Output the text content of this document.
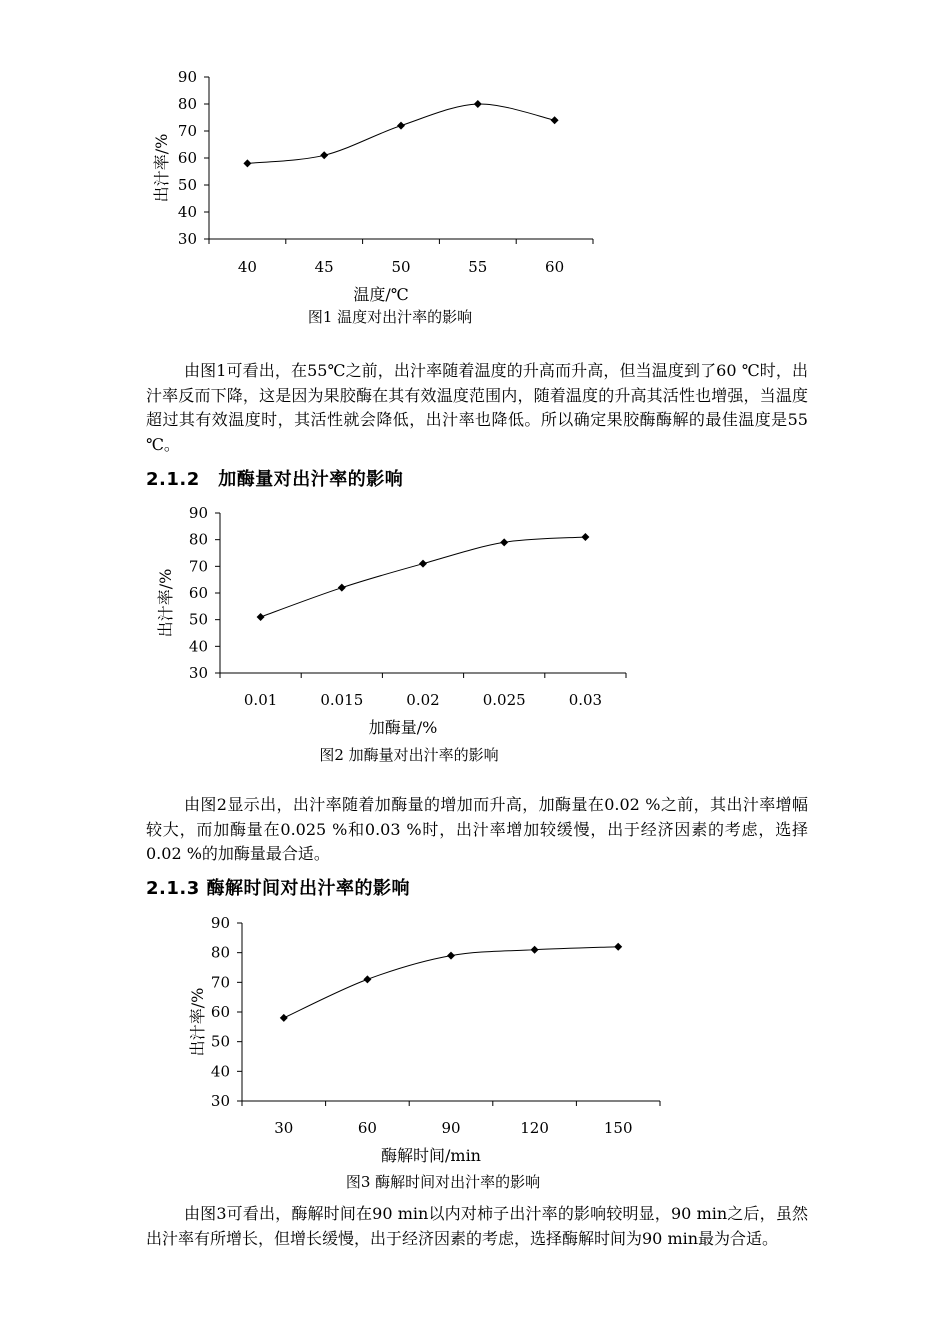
90
80
70
60
50
40
30
40	45	50	55	60
温度/℃
出汁率/%
图1 温度对出汁率的影响

由图1可看出，在55℃之前，出汁率随着温度的升高而升高，但当温度到了60 ℃时，出汁率反而下降，这是因为果胶酶在其有效温度范围内，随着温度的升高其活性也增强，当温度超过其有效温度时，其活性就会降低，出汁率也降低。所以确定果胶酶酶解的最佳温度是55 ℃。

2.1.2　加酶量对出汁率的影响
90
80
70
60
50
40
30
0.01	0.015	0.02	0.025	0.03
加酶量/%
出汁率/%
图2 加酶量对出汁率的影响

由图2显示出，出汁率随着加酶量的增加而升高，加酶量在0.02 %之前，其出汁率增幅较大，而加酶量在0.025 %和0.03 %时，出汁率增加较缓慢，出于经济因素的考虑，选择0.02 %的加酶量最合适。

2.1.3 酶解时间对出汁率的影响
90
80
70
60
50
40
30
30	60	90	120	150
酶解时间/min
出汁率/%
图3 酶解时间对出汁率的影响

由图3可看出，酶解时间在90 min以内对柿子出汁率的影响较明显，90 min之后，虽然出汁率有所增长，但增长缓慢，出于经济因素的考虑，选择酶解时间为90 min最为合适。
